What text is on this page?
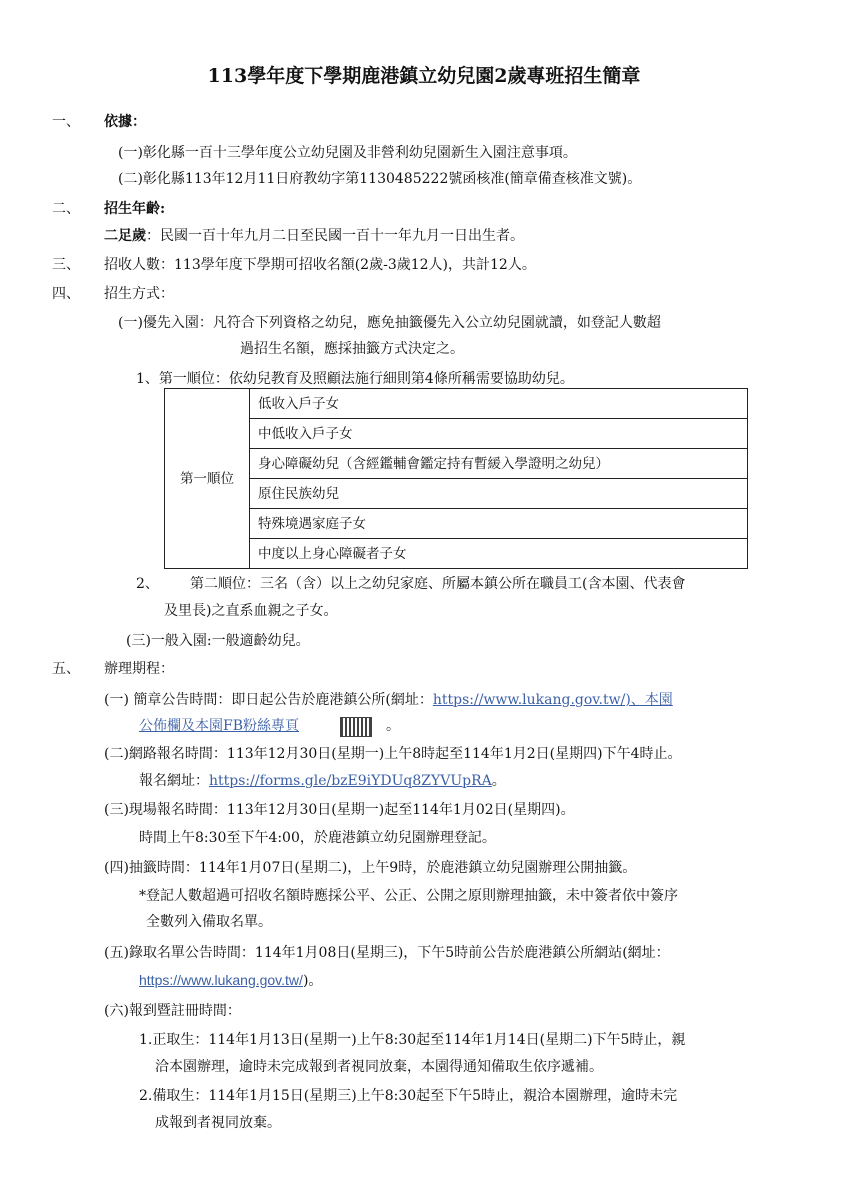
113學年度下學期鹿港鎮立幼兒園2歲專班招生簡章
一、 依據：
(一)彰化縣一百十三學年度公立幼兒園及非營利幼兒園新生入園注意事項。
(二)彰化縣113年12月11日府教幼字第1130485222號函核准(簡章備查核准文號)。
二、 招生年齡:
二足歲：民國一百十年九月二日至民國一百十一年九月一日出生者。
三、 招收人數：113學年度下學期可招收名額(2歲-3歲12人)，共計12人。
四、 招生方式：
(一)優先入園：凡符合下列資格之幼兒，應免抽籤優先入公立幼兒園就讀，如登記人數超
過招生名額，應採抽籤方式決定之。
1、第一順位：依幼兒教育及照顧法施行細則第4條所稱需要協助幼兒。
第一順位	低收入戶子女
中低收入戶子女
身心障礙幼兒（含經鑑輔會鑑定持有暫緩入學證明之幼兒）
原住民族幼兒
特殊境遇家庭子女
中度以上身心障礙者子女
2、 第二順位：三名（含）以上之幼兒家庭、所屬本鎮公所在職員工(含本園、代表會
及里長)之直系血親之子女。
(三)一般入園:一般適齡幼兒。
五、 辦理期程：
(一) 簡章公告時間：即日起公告於鹿港鎮公所(網址：https://www.lukang.gov.tw/)、本園
公佈欄及本園FB粉絲專頁	。
(二)網路報名時間：113年12月30日(星期一)上午8時起至114年1月2日(星期四)下午4時止。
報名網址：https://forms.gle/bzE9iYDUq8ZYVUpRA。
(三)現場報名時間：113年12月30日(星期一)起至114年1月02日(星期四)。
時間上午8:30至下午4:00，於鹿港鎮立幼兒園辦理登記。
(四)抽籤時間：114年1月07日(星期二)，上午9時，於鹿港鎮立幼兒園辦理公開抽籤。
*登記人數超過可招收名額時應採公平、公正、公開之原則辦理抽籤，未中簽者依中簽序
全數列入備取名單。
(五)錄取名單公告時間：114年1月08日(星期三)，下午5時前公告於鹿港鎮公所網站(網址：
https://www.lukang.gov.tw/)。
(六)報到暨註冊時間：
1.正取生：114年1月13日(星期一)上午8:30起至114年1月14日(星期二)下午5時止，親
洽本園辦理，逾時未完成報到者視同放棄，本園得通知備取生依序遞補。
2.備取生：114年1月15日(星期三)上午8:30起至下午5時止，親洽本園辦理，逾時未完
成報到者視同放棄。
